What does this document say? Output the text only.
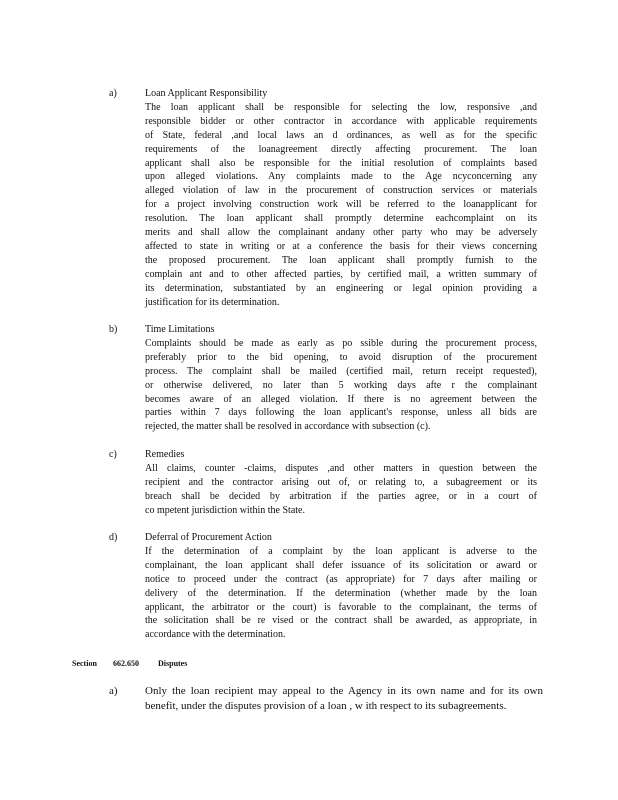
a)	Loan Applicant Responsibility
The loan applicant shall be responsible for selecting the low, responsive ,and
responsible bidder or other contractor in accordance with applicable requirements
of State, federal ,and local laws an d ordinances, as well as for the specific
requirements of the loanagreement directly affecting procurement. The loan
applicant shall also be responsible for the initial resolution of complaints based
upon alleged violations. Any complaints made to the Age ncyconcerning any
alleged violation of law in the procurement of construction services or materials
for a project involving construction work will be referred to the loanapplicant for
resolution. The loan applicant shall promptly determine eachcomplaint on its
merits and shall allow the complainant andany other party who may be adversely
affected to state in writing or at a conference the basis for their views concerning
the proposed procurement. The loan applicant shall promptly furnish to the
complain ant and to other affected parties, by certified mail, a written summary of
its determination, substantiated by an engineering or legal opinion providing a
justification for its determination.
b)	Time Limitations
Complaints should be made as early as po ssible during the procurement process,
preferably prior to the bid opening, to avoid disruption of the procurement
process. The complaint shall be mailed (certified mail, return receipt requested),
or otherwise delivered, no later than 5 working days afte r the complainant
becomes aware of an alleged violation. If there is no agreement between the
parties within 7 days following the loan applicant's response, unless all bids are
rejected, the matter shall be resolved in accordance with subsection (c).
c)	Remedies
All claims, counter -claims, disputes ,and other matters in question between the
recipient and the contractor arising out of, or relating to, a subagreement or its
breach shall be decided by arbitration if the parties agree, or in a court of
co mpetent jurisdiction within the State.
d)	Deferral of Procurement Action
If the determination of a complaint by the loan applicant is adverse to the
complainant, the loan applicant shall defer issuance of its solicitation or award or
notice to proceed under the contract (as appropriate) for 7 days after mailing or
delivery of the determination. If the determination (whether made by the loan
applicant, the arbitrator or the court) is favorable to the complainant, the terms of
the solicitation shall be re vised or the contract shall be awarded, as appropriate, in
accordance with the determination.
Section 662.650 Disputes
a) Only the loan recipient may appeal to the Agency in its own name and for its own
benefit, under the disputes provision of a loan , w ith respect to its subagreements.
